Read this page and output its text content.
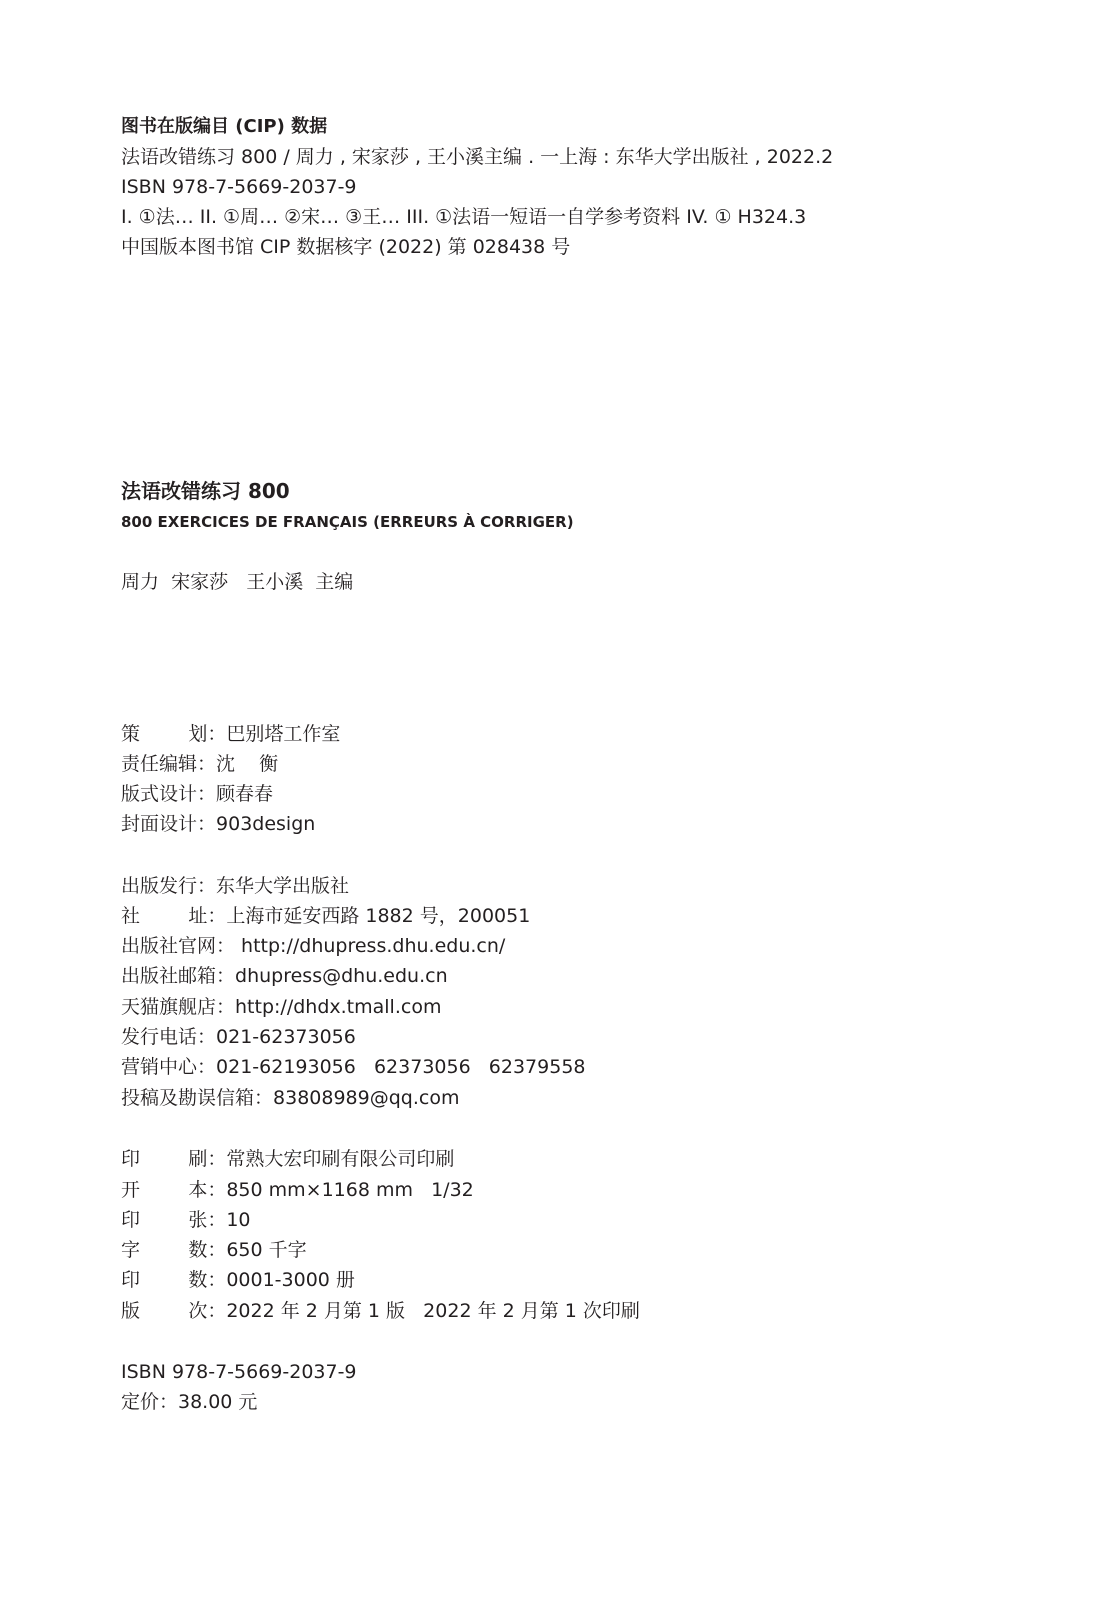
图书在版编目 (CIP) 数据
法语改错练习 800 / 周力 , 宋家莎 , 王小溪主编 . 一上海 : 东华大学出版社 , 2022.2
ISBN 978-7-5669-2037-9
I. ①法… II. ①周… ②宋… ③王… III. ①法语一短语一自学参考资料 IV. ① H324.3
中国版本图书馆 CIP 数据核字 (2022) 第 028438 号
法语改错练习 800
800 EXERCICES DE FRANÇAIS (ERREURS À CORRIGER)
周力  宋家莎   王小溪  主编
策        划： 巴别塔工作室
责任编辑： 沈    衡
版式设计： 顾春春
封面设计： 903design
出版发行： 东华大学出版社
社        址： 上海市延安西路 1882 号，200051
出版社官网： http://dhupress.dhu.edu.cn/
出版社邮箱： dhupress@dhu.edu.cn
天猫旗舰店： http://dhdx.tmall.com
发行电话： 021-62373056
营销中心： 021-62193056   62373056   62379558
投稿及勘误信箱： 83808989@qq.com
印        刷： 常熟大宏印刷有限公司印刷
开        本： 850 mm×1168 mm   1/32
印        张： 10
字        数： 650 千字
印        数： 0001-3000 册
版        次： 2022 年 2 月第 1 版   2022 年 2 月第 1 次印刷
ISBN 978-7-5669-2037-9
定价：38.00 元
